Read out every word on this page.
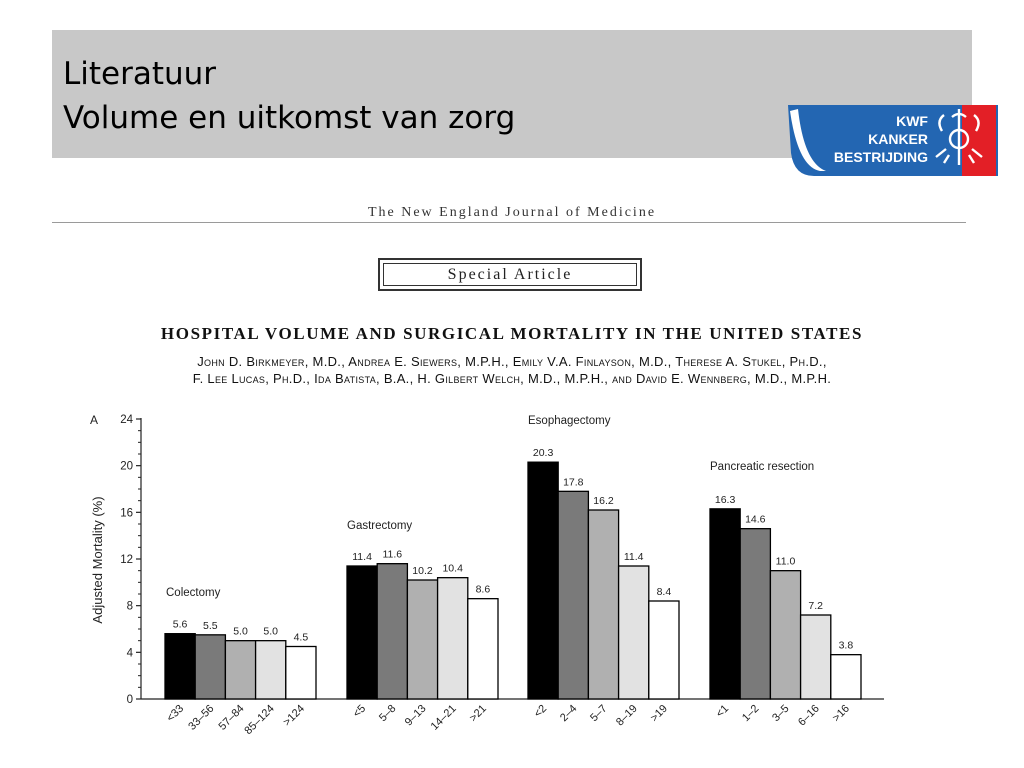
Literatuur
Volume en uitkomst van zorg	KWF
KANKER
BESTRIJDING
The New England Journal of Medicine
Special Article
HOSPITAL VOLUME AND SURGICAL MORTALITY IN THE UNITED STATES
John D. Birkmeyer, M.D., Andrea E. Siewers, M.P.H., Emily V.A. Finlayson, M.D., Therese A. Stukel, Ph.D.,
F. Lee Lucas, Ph.D., Ida Batista, B.A., H. Gilbert Welch, M.D., M.P.H., and David E. Wennberg, M.D., M.P.H.
A
Adjusted Mortality (%)
0
4
8
12
16
20
24
Colectomy
5.6
<33
5.5
33–56
5.0
57–84
5.0
85–124
4.5
>124
Gastrectomy
11.4
<5
11.6
5–8
10.2
9–13
10.4
14–21
8.6
>21
Esophagectomy
20.3
<2
17.8
2–4
16.2
5–7
11.4
8–19
8.4
>19
Pancreatic resection
16.3
<1
14.6
1–2
11.0
3–5
7.2
6–16
3.8
>16
